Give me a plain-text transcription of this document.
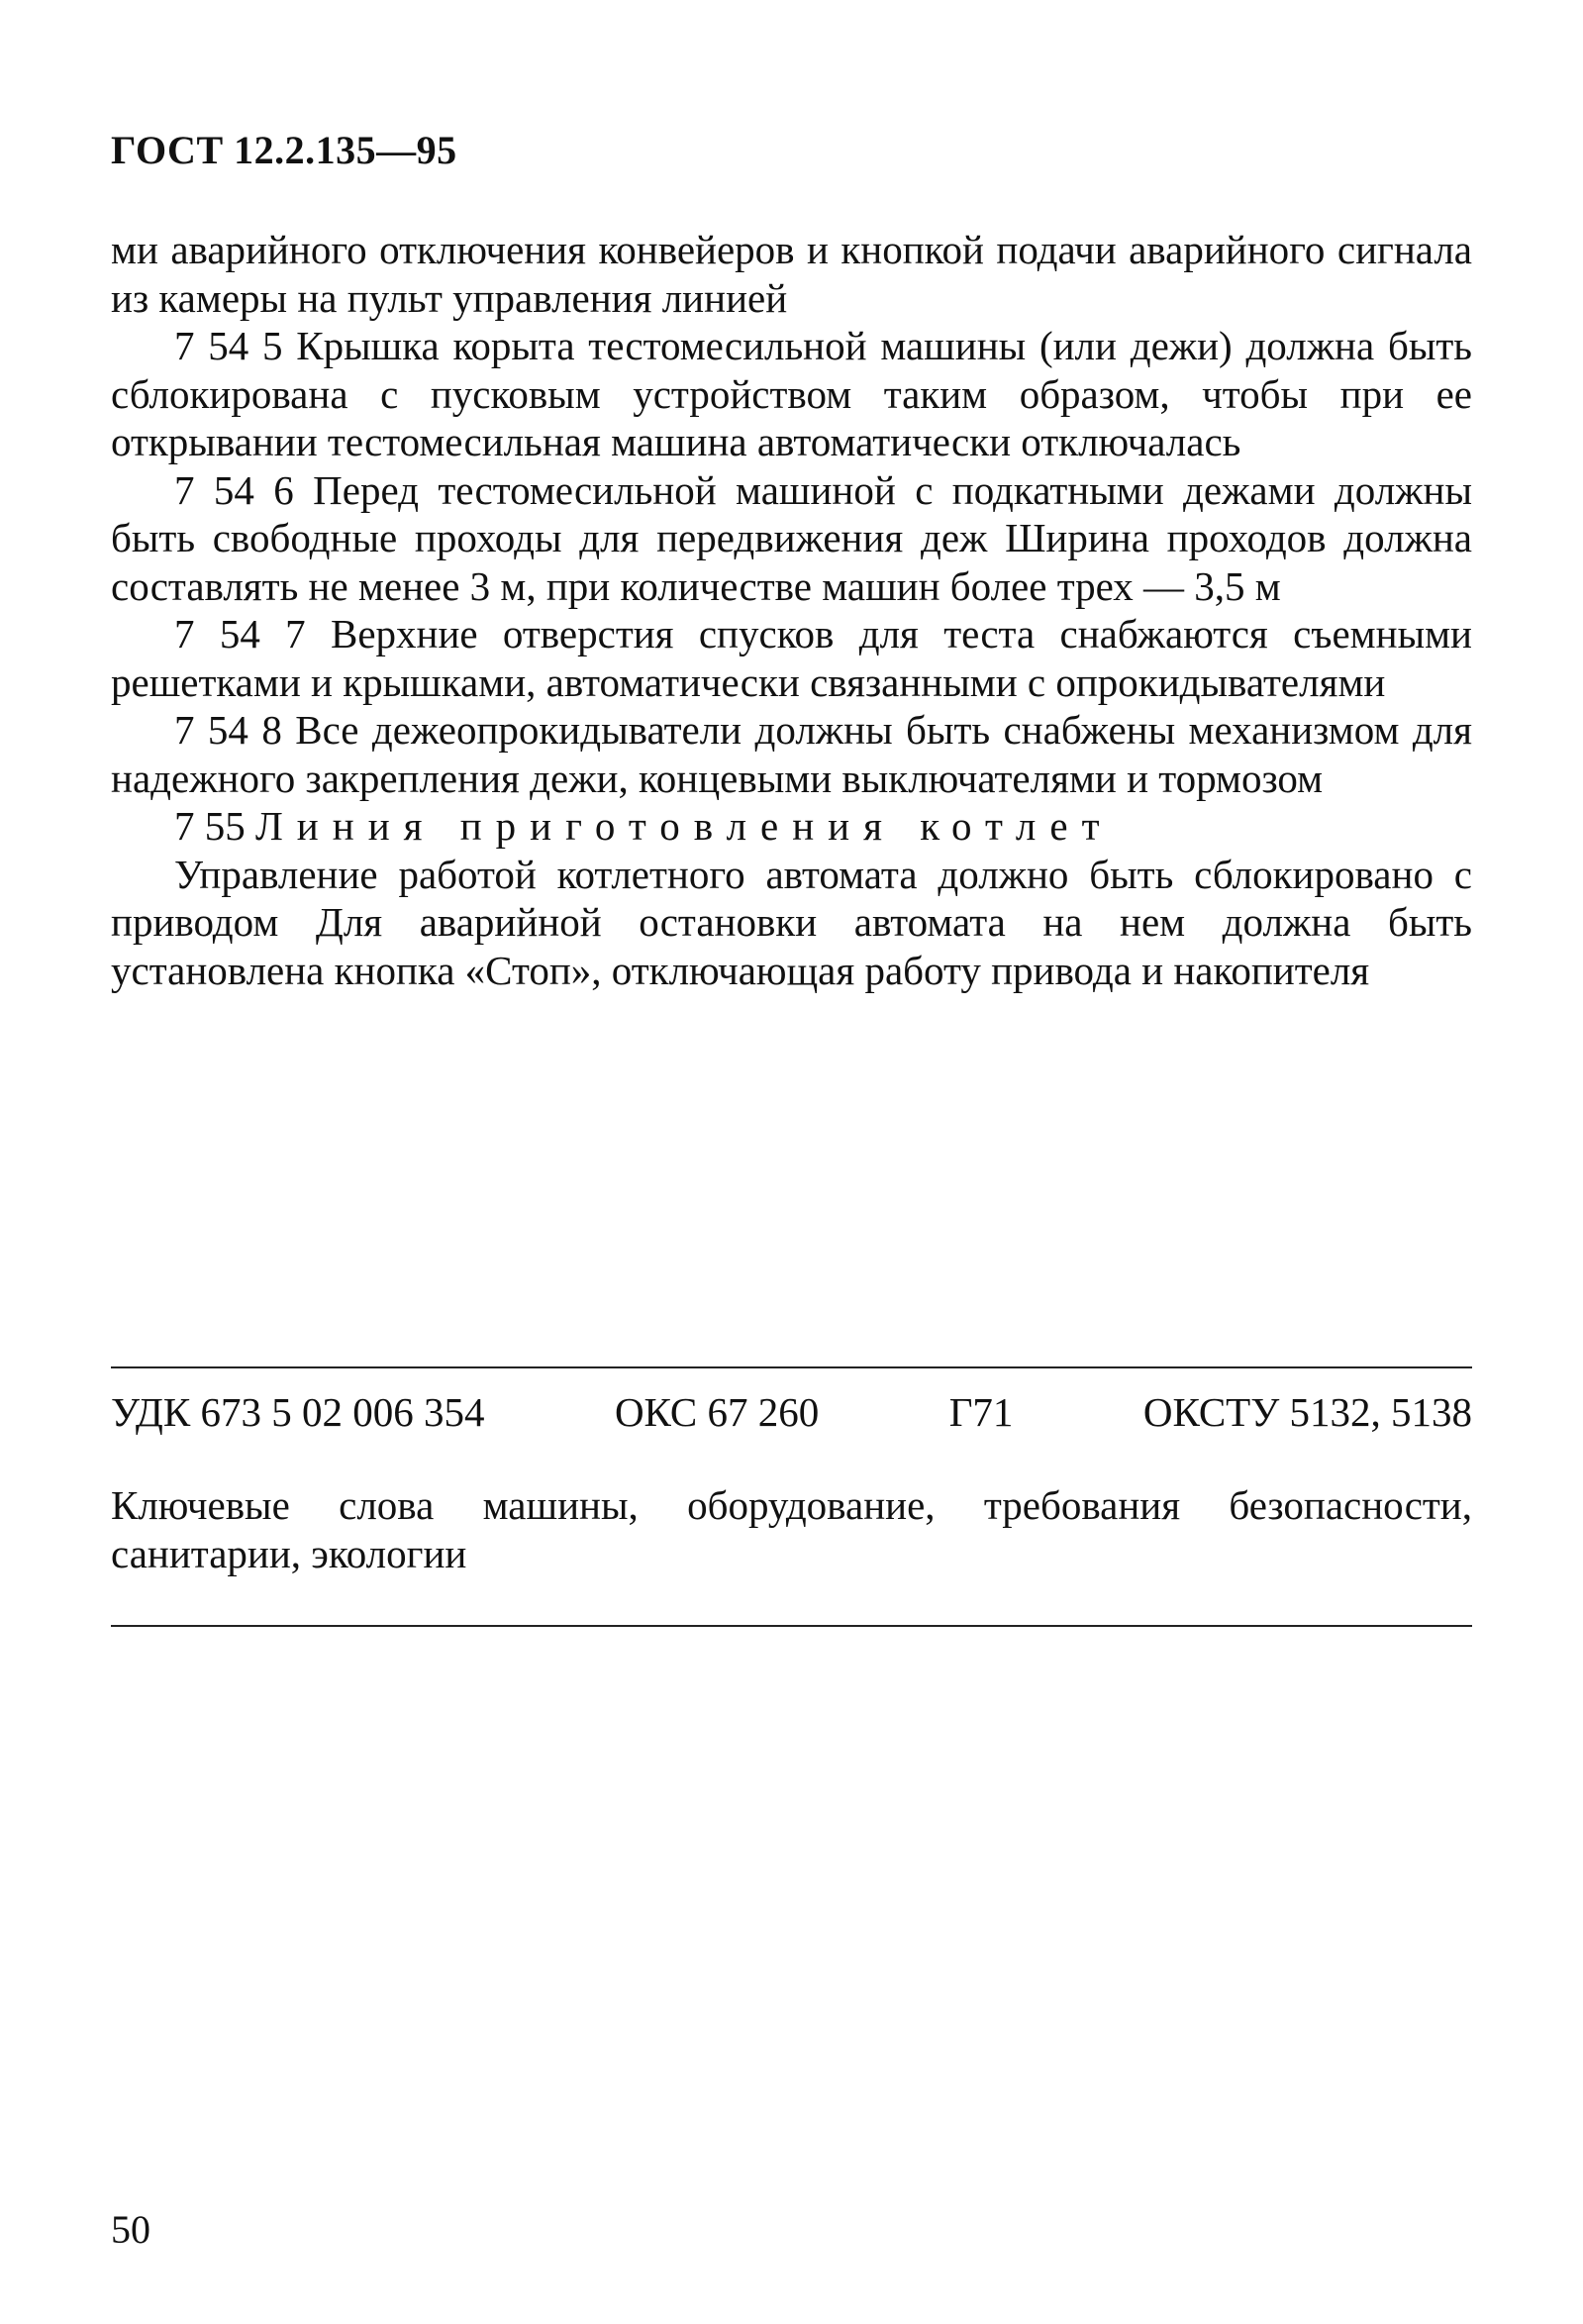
ГОСТ 12.2.135—95

ми аварийного отключения конвейеров и кнопкой подачи аварийного сигнала из камеры на пульт управления линией

7 54 5 Крышка корыта тестомесильной машины (или дежи) должна быть сблокирована с пусковым устройством таким образом, чтобы при ее открывании тестомесильная машина автоматически отключалась

7 54 6 Перед тестомесильной машиной с подкатными дежами должны быть свободные проходы для передвижения деж Ширина проходов должна составлять не менее 3 м, при количестве машин более трех — 3,5 м

7 54 7 Верхние отверстия спусков для теста снабжаются съемными решетками и крышками, автоматически связанными с опрокидывателями

7 54 8 Все дежеопрокидыватели должны быть снабжены механизмом для надежного закрепления дежи, концевыми выключателями и тормозом

7 55 Линия приготовления котлет

Управление работой котлетного автомата должно быть сблокировано с приводом Для аварийной остановки автомата на нем должна быть установлена кнопка «Стоп», отключающая работу привода и накопителя

УДК 673 5 02 006 354	ОКС 67 260	Г71	ОКСТУ 5132, 5138
Ключевые слова машины, оборудование, требования безопасности, санитарии, экологии
50
